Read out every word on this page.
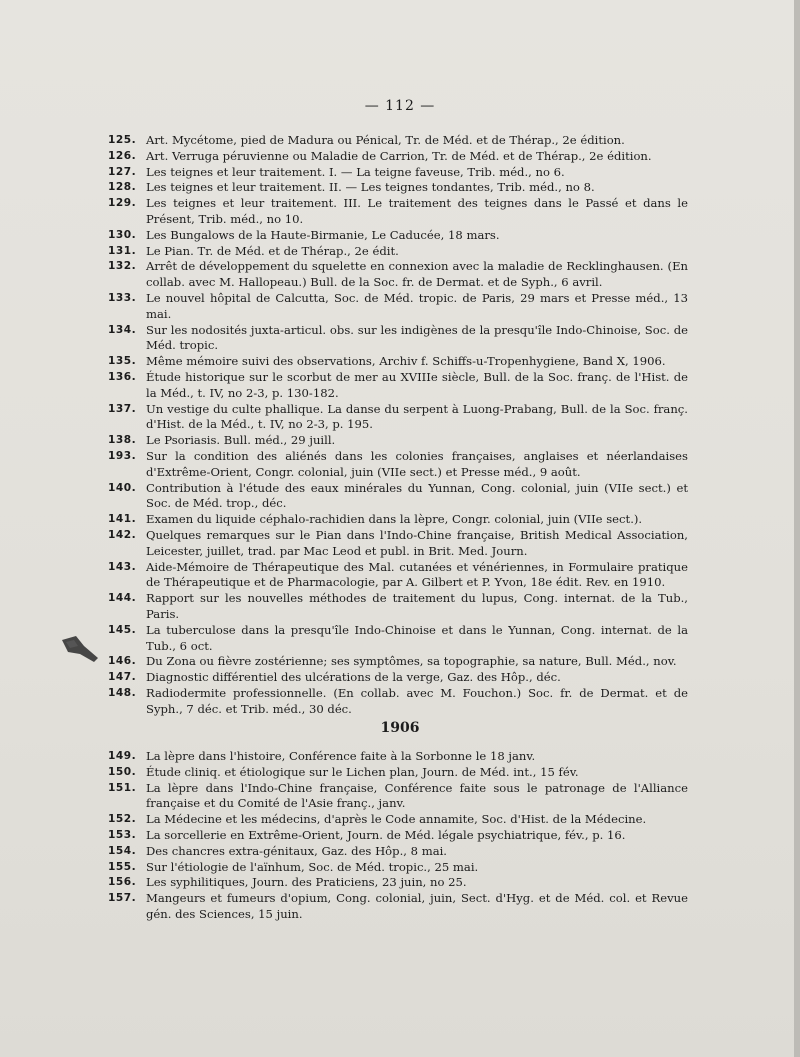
— 112 —
125. Art. Mycétome, pied de Madura ou Pénical, Tr. de Méd. et de Thérap., 2e édition.
126. Art. Verruga péruvienne ou Maladie de Carrion, Tr. de Méd. et de Thérap., 2e édition.
127. Les teignes et leur traitement. I. — La teigne faveuse, Trib. méd., no 6.
128. Les teignes et leur traitement. II. — Les teignes tondantes, Trib. méd., no 8.
129. Les teignes et leur traitement. III. Le traitement des teignes dans le Passé et dans le Présent, Trib. méd., no 10.
130. Les Bungalows de la Haute-Birmanie, Le Caducée, 18 mars.
131. Le Pian. Tr. de Méd. et de Thérap., 2e édit.
132. Arrêt de développement du squelette en connexion avec la maladie de Recklinghausen. (En collab. avec M. Hallopeau.) Bull. de la Soc. fr. de Dermat. et de Syph., 6 avril.
133. Le nouvel hôpital de Calcutta, Soc. de Méd. tropic. de Paris, 29 mars et Presse méd., 13 mai.
134. Sur les nodosités juxta-articul. obs. sur les indigènes de la presqu'île Indo-Chinoise, Soc. de Méd. tropic.
135. Même mémoire suivi des observations, Archiv f. Schiffs-u-Tropenhygiene, Band X, 1906.
136. Étude historique sur le scorbut de mer au XVIIIe siècle, Bull. de la Soc. franç. de l'Hist. de la Méd., t. IV, no 2-3, p. 130-182.
137. Un vestige du culte phallique. La danse du serpent à Luong-Prabang, Bull. de la Soc. franç. d'Hist. de la Méd., t. IV, no 2-3, p. 195.
138. Le Psoriasis. Bull. méd., 29 juill.
193. Sur la condition des aliénés dans les colonies françaises, anglaises et néerlandaises d'Extrême-Orient, Congr. colonial, juin (VIIe sect.) et Presse méd., 9 août.
140. Contribution à l'étude des eaux minérales du Yunnan, Cong. colonial, juin (VIIe sect.) et Soc. de Méd. trop., déc.
141. Examen du liquide céphalo-rachidien dans la lèpre, Congr. colonial, juin (VIIe sect.).
142. Quelques remarques sur le Pian dans l'Indo-Chine française, British Medical Association, Leicester, juillet, trad. par Mac Leod et publ. in Brit. Med. Journ.
143. Aide-Mémoire de Thérapeutique des Mal. cutanées et vénériennes, in Formulaire pratique de Thérapeutique et de Pharmacologie, par A. Gilbert et P. Yvon, 18e édit. Rev. en 1910.
144. Rapport sur les nouvelles méthodes de traitement du lupus, Cong. internat. de la Tub., Paris.
145. La tuberculose dans la presqu'île Indo-Chinoise et dans le Yunnan, Cong. internat. de la Tub., 6 oct.
146. Du Zona ou fièvre zostérienne; ses symptômes, sa topographie, sa nature, Bull. Méd., nov.
147. Diagnostic différentiel des ulcérations de la verge, Gaz. des Hôp., déc.
148. Radiodermite professionnelle. (En collab. avec M. Fouchon.) Soc. fr. de Dermat. et de Syph., 7 déc. et Trib. méd., 30 déc.
1906
149. La lèpre dans l'histoire, Conférence faite à la Sorbonne le 18 janv.
150. Étude cliniq. et étiologique sur le Lichen plan, Journ. de Méd. int., 15 fév.
151. La lèpre dans l'Indo-Chine française, Conférence faite sous le patronage de l'Alliance française et du Comité de l'Asie franç., janv.
152. La Médecine et les médecins, d'après le Code annamite, Soc. d'Hist. de la Médecine.
153. La sorcellerie en Extrême-Orient, Journ. de Méd. légale psychiatrique, fév., p. 16.
154. Des chancres extra-génitaux, Gaz. des Hôp., 8 mai.
155. Sur l'étiologie de l'aïnhum, Soc. de Méd. tropic., 25 mai.
156. Les syphilitiques, Journ. des Praticiens, 23 juin, no 25.
157. Mangeurs et fumeurs d'opium, Cong. colonial, juin, Sect. d'Hyg. et de Méd. col. et Revue gén. des Sciences, 15 juin.
